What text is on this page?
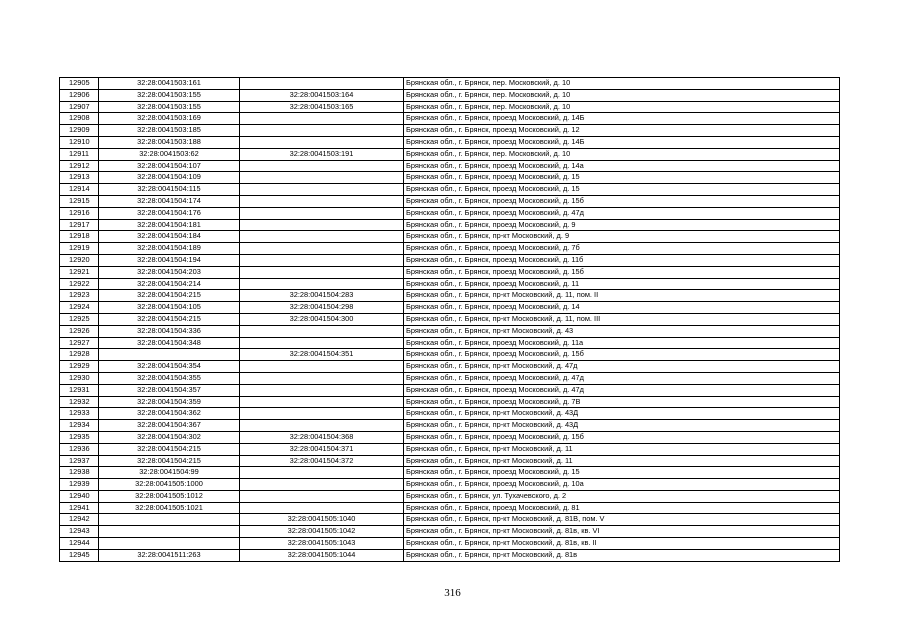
12905	32:28:0041503:161		Брянская обл., г. Брянск, пер. Московский, д. 10
12906	32:28:0041503:155	32:28:0041503:164	Брянская обл., г. Брянск, пер. Московский, д. 10
12907	32:28:0041503:155	32:28:0041503:165	Брянская обл., г. Брянск, пер. Московский, д. 10
12908	32:28:0041503:169		Брянская обл., г. Брянск, проезд Московский, д. 14Б
12909	32:28:0041503:185		Брянская обл., г. Брянск, проезд Московский, д. 12
12910	32:28:0041503:188		Брянская обл., г. Брянск, проезд Московский, д. 14Б
12911	32:28:0041503:62	32:28:0041503:191	Брянская обл., г. Брянск, пер. Московский, д. 10
12912	32:28:0041504:107		Брянская обл., г. Брянск, проезд Московский, д. 14а
12913	32:28:0041504:109		Брянская обл., г. Брянск, проезд Московский, д. 15
12914	32:28:0041504:115		Брянская обл., г. Брянск, проезд Московский, д. 15
12915	32:28:0041504:174		Брянская обл., г. Брянск, проезд Московский, д. 15б
12916	32:28:0041504:176		Брянская обл., г. Брянск, проезд Московский, д. 47д
12917	32:28:0041504:181		Брянская обл., г. Брянск, проезд Московский, д. 9
12918	32:28:0041504:184		Брянская обл., г. Брянск, пр-кт Московский, д. 9
12919	32:28:0041504:189		Брянская обл., г. Брянск, проезд Московский, д. 7б
12920	32:28:0041504:194		Брянская обл., г. Брянск, проезд Московский, д. 11б
12921	32:28:0041504:203		Брянская обл., г. Брянск, проезд Московский, д. 15б
12922	32:28:0041504:214		Брянская обл., г. Брянск, проезд Московский, д. 11
12923	32:28:0041504:215	32:28:0041504:283	Брянская обл., г. Брянск, пр-кт Московский, д. 11, пом. II
12924	32:28:0041504:105	32:28:0041504:298	Брянская обл., г. Брянск, проезд Московский, д. 14
12925	32:28:0041504:215	32:28:0041504:300	Брянская обл., г. Брянск, пр-кт Московский, д. 11, пом. III
12926	32:28:0041504:336		Брянская обл., г. Брянск, пр-кт Московский, д. 43
12927	32:28:0041504:348		Брянская обл., г. Брянск, проезд Московский, д. 11а
12928		32:28:0041504:351	Брянская обл., г. Брянск, проезд Московский, д. 15б
12929	32:28:0041504:354		Брянская обл., г. Брянск, пр-кт Московский, д. 47д
12930	32:28:0041504:355		Брянская обл., г. Брянск, проезд Московский, д. 47д
12931	32:28:0041504:357		Брянская обл., г. Брянск, проезд Московский, д. 47д
12932	32:28:0041504:359		Брянская обл., г. Брянск, проезд Московский, д. 7В
12933	32:28:0041504:362		Брянская обл., г. Брянск, пр-кт Московский, д. 43Д
12934	32:28:0041504:367		Брянская обл., г. Брянск, пр-кт Московский, д. 43Д
12935	32:28:0041504:302	32:28:0041504:368	Брянская обл., г. Брянск, проезд Московский, д. 15б
12936	32:28:0041504:215	32:28:0041504:371	Брянская обл., г. Брянск, пр-кт Московский, д. 11
12937	32:28:0041504:215	32:28:0041504:372	Брянская обл., г. Брянск, пр-кт Московский, д. 11
12938	32:28:0041504:99		Брянская обл., г. Брянск, проезд Московский, д. 15
12939	32:28:0041505:1000		Брянская обл., г. Брянск, проезд Московский, д. 10а
12940	32:28:0041505:1012		Брянская обл., г. Брянск, ул. Тухачевского, д. 2
12941	32:28:0041505:1021		Брянская обл., г. Брянск, проезд Московский, д. 81
12942		32:28:0041505:1040	Брянская обл., г. Брянск, пр-кт Московский, д. 81В, пом. V
12943		32:28:0041505:1042	Брянская обл., г. Брянск, пр-кт Московский, д. 81в, кв. VI
12944		32:28:0041505:1043	Брянская обл., г. Брянск, пр-кт Московский, д. 81в, кв. II
12945	32:28:0041511:263	32:28:0041505:1044	Брянская обл., г. Брянск, пр-кт Московский, д. 81в
316
